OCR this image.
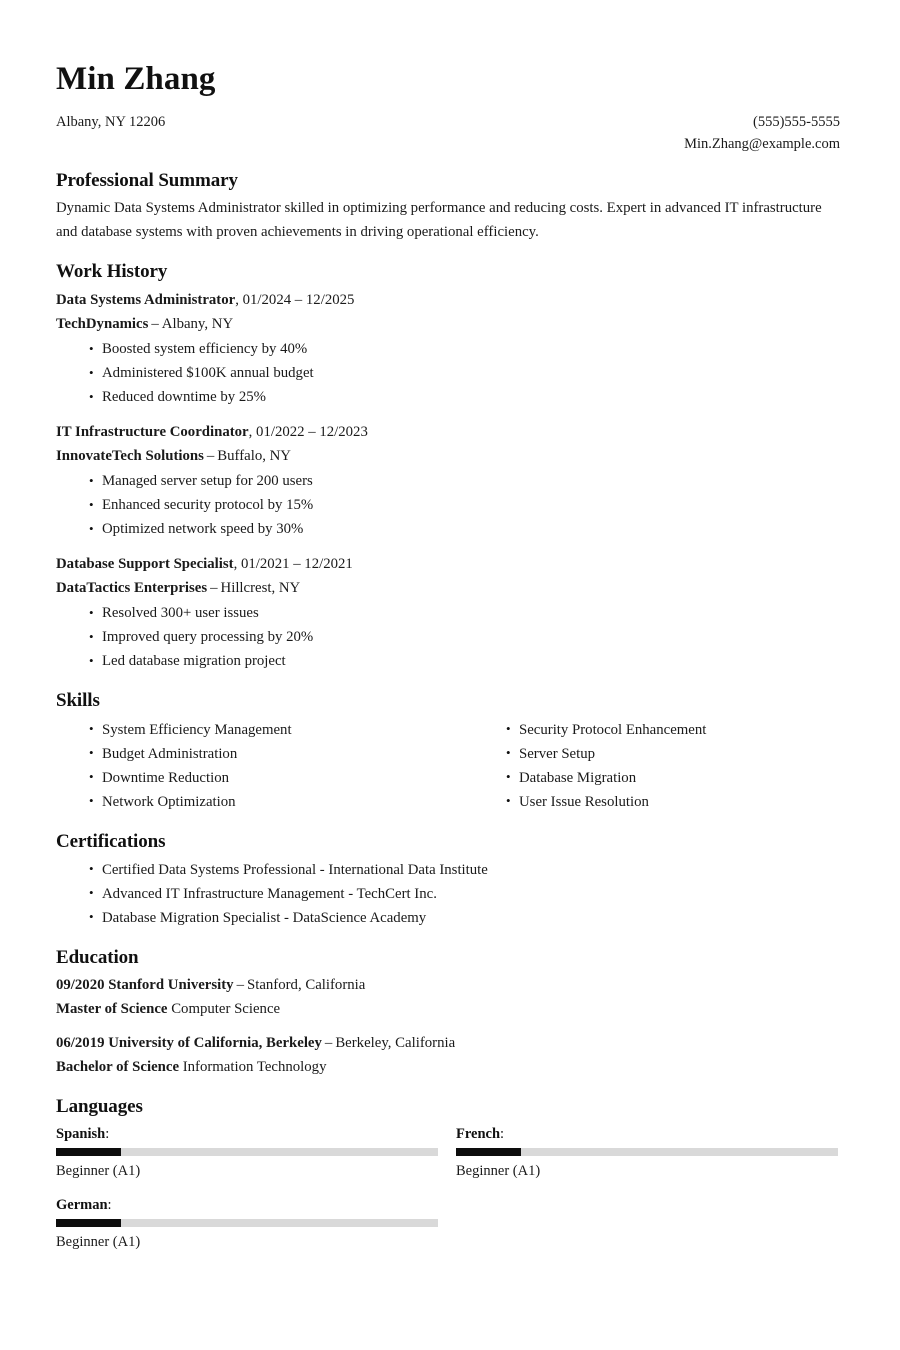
Min Zhang
Albany, NY 12206	(555)555-5555
Min.Zhang@example.com
Professional Summary

Dynamic Data Systems Administrator skilled in optimizing performance and reducing costs. Expert in advanced IT infrastructure and database systems with proven achievements in driving operational efficiency.

Work History
Data Systems Administrator, 01/2024 – 12/2025
TechDynamics – Albany, NY
• Boosted system efficiency by 40%
• Administered $100K annual budget
• Reduced downtime by 25%
IT Infrastructure Coordinator, 01/2022 – 12/2023
InnovateTech Solutions – Buffalo, NY
• Managed server setup for 200 users
• Enhanced security protocol by 15%
• Optimized network speed by 30%
Database Support Specialist, 01/2021 – 12/2021
DataTactics Enterprises – Hillcrest, NY
• Resolved 300+ user issues
• Improved query processing by 20%
• Led database migration project
Skills
• System Efficiency Management
• Budget Administration
• Downtime Reduction
• Network Optimization
• Security Protocol Enhancement
• Server Setup
• Database Migration
• User Issue Resolution
Certifications
• Certified Data Systems Professional - International Data Institute
• Advanced IT Infrastructure Management - TechCert Inc.
• Database Migration Specialist - DataScience Academy
Education
09/2020 Stanford University – Stanford, California
Master of Science Computer Science
06/2019 University of California, Berkeley – Berkeley, California
Bachelor of Science Information Technology
Languages
Spanish:
Beginner (A1)
French:
Beginner (A1)
German:
Beginner (A1)
